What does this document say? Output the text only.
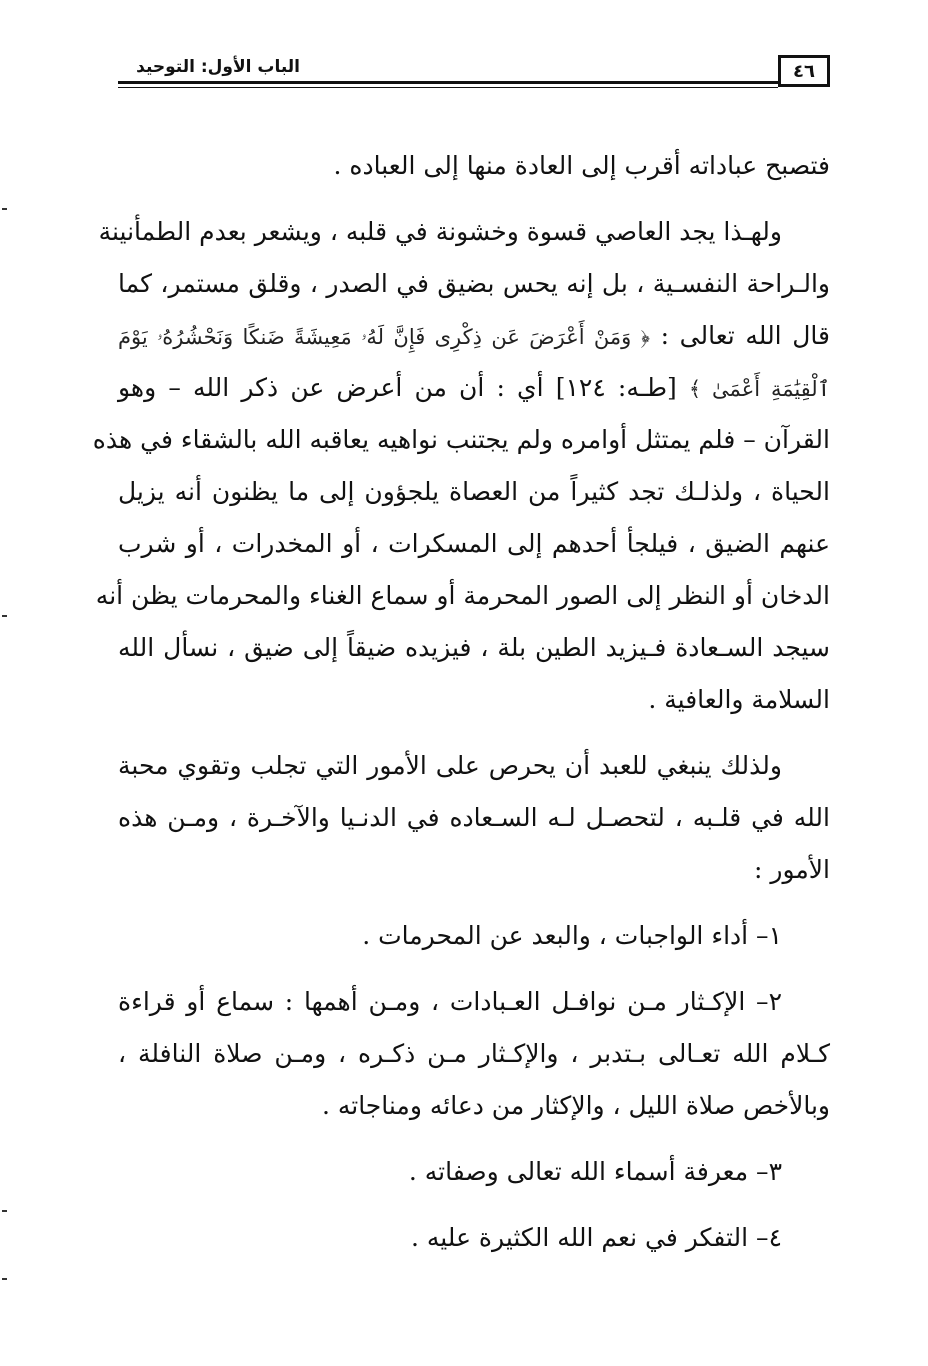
الباب الأول: التوحيد	٤٦
فتصبح عباداته أقرب إلى العادة منها إلى العباده .
ولهـذا يجد العاصي قسوة وخشونة في قلبه ، ويشعر بعدم الطمأنينة
والـراحة النفسـية ، بل إنه يحس بضيق في الصدر ، وقلق مستمر، كما
قال الله تعالى : ﴿ وَمَنْ أَعْرَضَ عَن ذِكْرِى فَإِنَّ لَهُۥ مَعِيشَةً ضَنكًا وَنَحْشُرُهُۥ يَوْمَ
ٱلْقِيَٰمَةِ أَعْمَىٰ ﴾ [طـه: ١٢٤] أي : أن من أعرض عن ذكر الله – وهو
القرآن – فلم يمتثل أوامره ولم يجتنب نواهيه يعاقبه الله بالشقاء في هذه
الحياة ، ولذلـك تجد كثيراً من العصاة يلجؤون إلى ما يظنون أنه يزيل
عنهم الضيق ، فيلجأ أحدهم إلى المسكرات ، أو المخدرات ، أو شرب
الدخان أو النظر إلى الصور المحرمة أو سماع الغناء والمحرمات يظن أنه
سيجد السـعادة فـيزيد الطين بلة ، فيزيده ضيقاً إلى ضيق ، نسأل الله
السلامة والعافية .
ولذلك ينبغي للعبد أن يحرص على الأمور التي تجلب وتقوي محبة
الله في قلـبه ، لتحصـل لـه السـعاده في الدنـيا والآخـرة ، ومـن هذه
الأمور :
١– أداء الواجبات ، والبعد عن المحرمات .
٢– الإكـثار مـن نوافـل العـبادات ، ومـن أهمها : سماع أو قراءة
كـلام الله تعـالى بـتدبر ، والإكـثار مـن ذكـره ، ومـن صلاة النافلة ،
وبالأخص صلاة الليل ، والإكثار من دعائه ومناجاته .
٣– معرفة أسماء الله تعالى وصفاته .
٤– التفكر في نعم الله الكثيرة عليه .
